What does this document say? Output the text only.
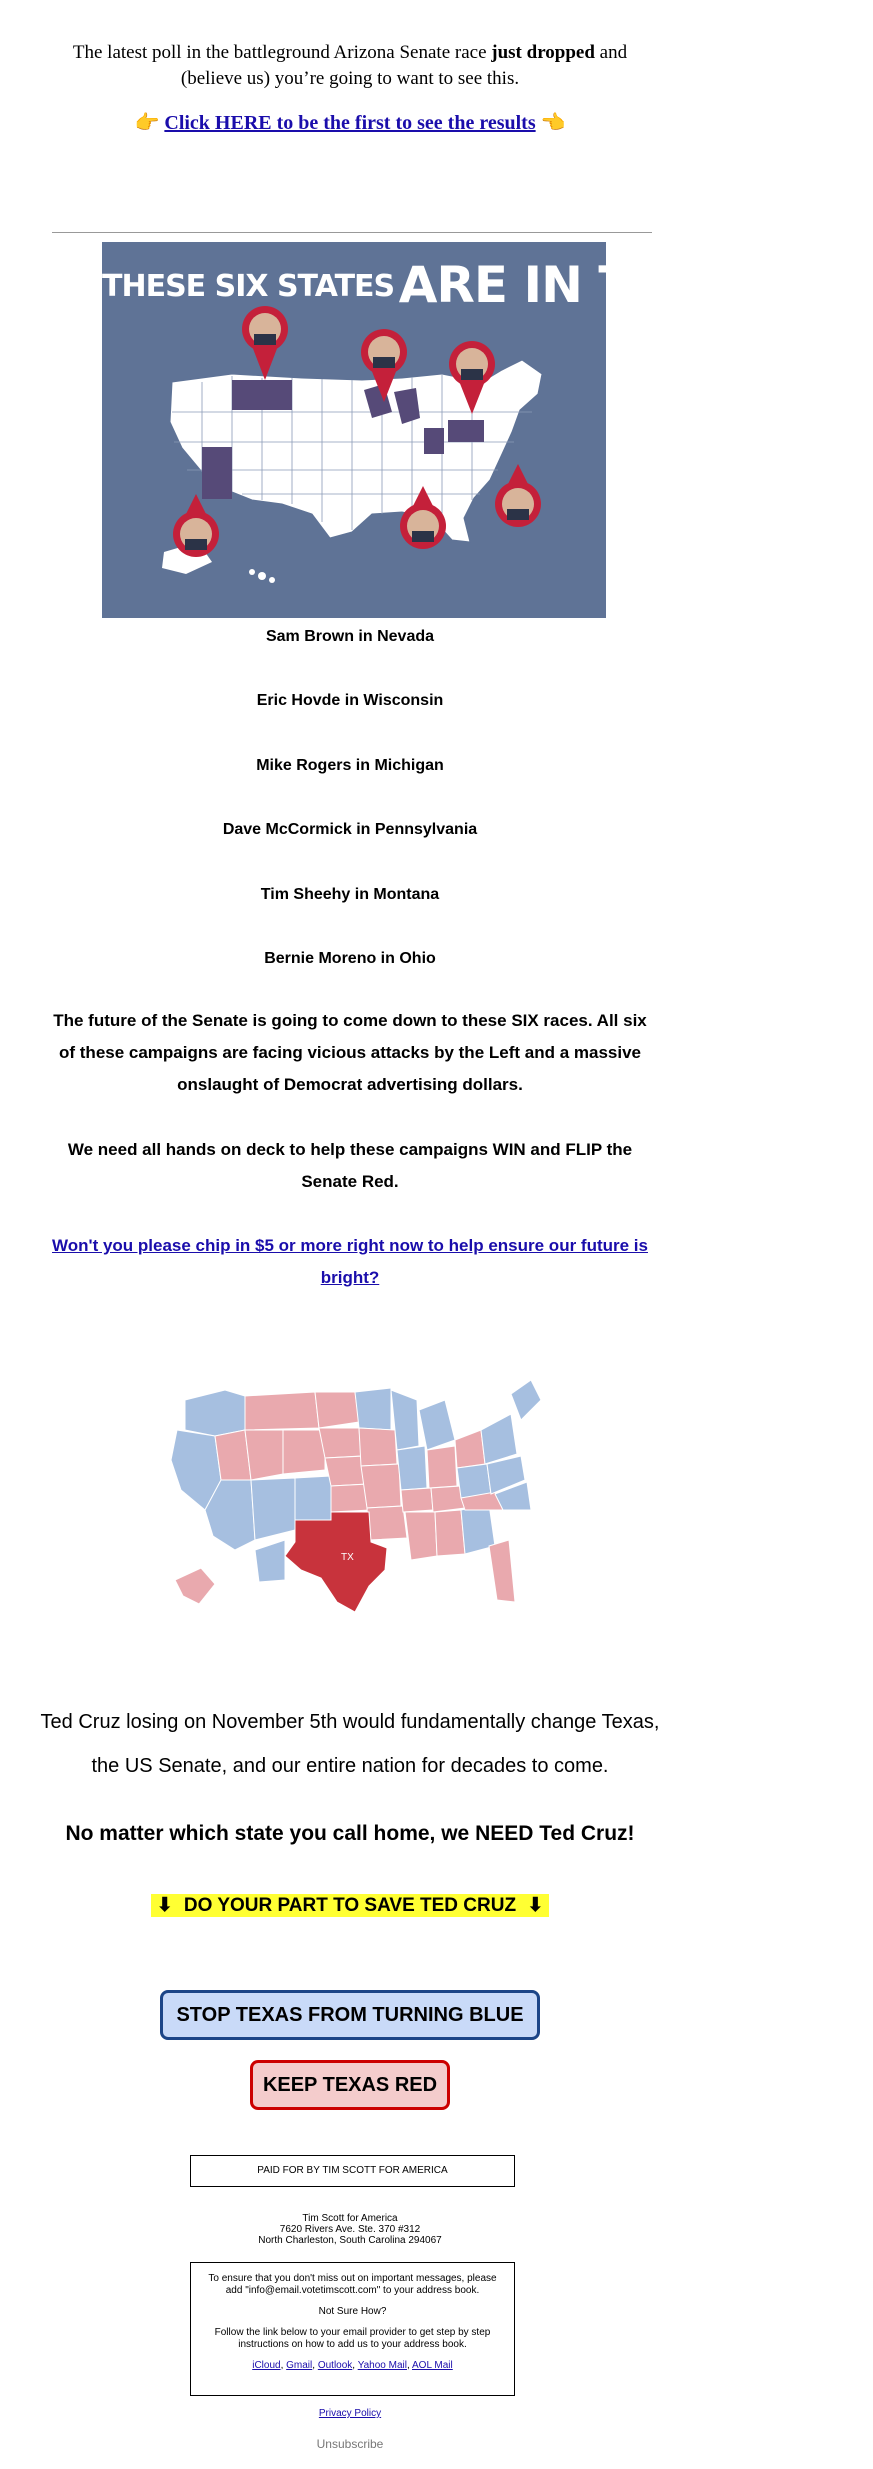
The latest poll in the battleground Arizona Senate race just dropped and (believe us) you’re going to want to see this.
👉 Click HERE to be the first to see the results 👈
THESE SIX STATES ARE IN TROUBLE!
Sam Brown in Nevada
Eric Hovde in Wisconsin
Mike Rogers in Michigan
Dave McCormick in Pennsylvania
Tim Sheehy in Montana
Bernie Moreno in Ohio
The future of the Senate is going to come down to these SIX races. All six of these campaigns are facing vicious attacks by the Left and a massive onslaught of Democrat advertising dollars.
We need all hands on deck to help these campaigns WIN and FLIP the Senate Red.
Won't you please chip in $5 or more right now to help ensure our future is bright?
TX
Ted Cruz losing on November 5th would fundamentally change Texas, the US Senate, and our entire nation for decades to come.
No matter which state you call home, we NEED Ted Cruz!
⬇ DO YOUR PART TO SAVE TED CRUZ ⬇
STOP TEXAS FROM TURNING BLUE
KEEP TEXAS RED
PAID FOR BY TIM SCOTT FOR AMERICA
Tim Scott for America
7620 Rivers Ave. Ste. 370 #312
North Charleston, South Carolina 294067

To ensure that you don't miss out on important messages, please add "info@email.votetimscott.com" to your address book.

Not Sure How?

Follow the link below to your email provider to get step by step instructions on how to add us to your address book.

iCloud, Gmail, Outlook, Yahoo Mail, AOL Mail

Privacy Policy
Unsubscribe
